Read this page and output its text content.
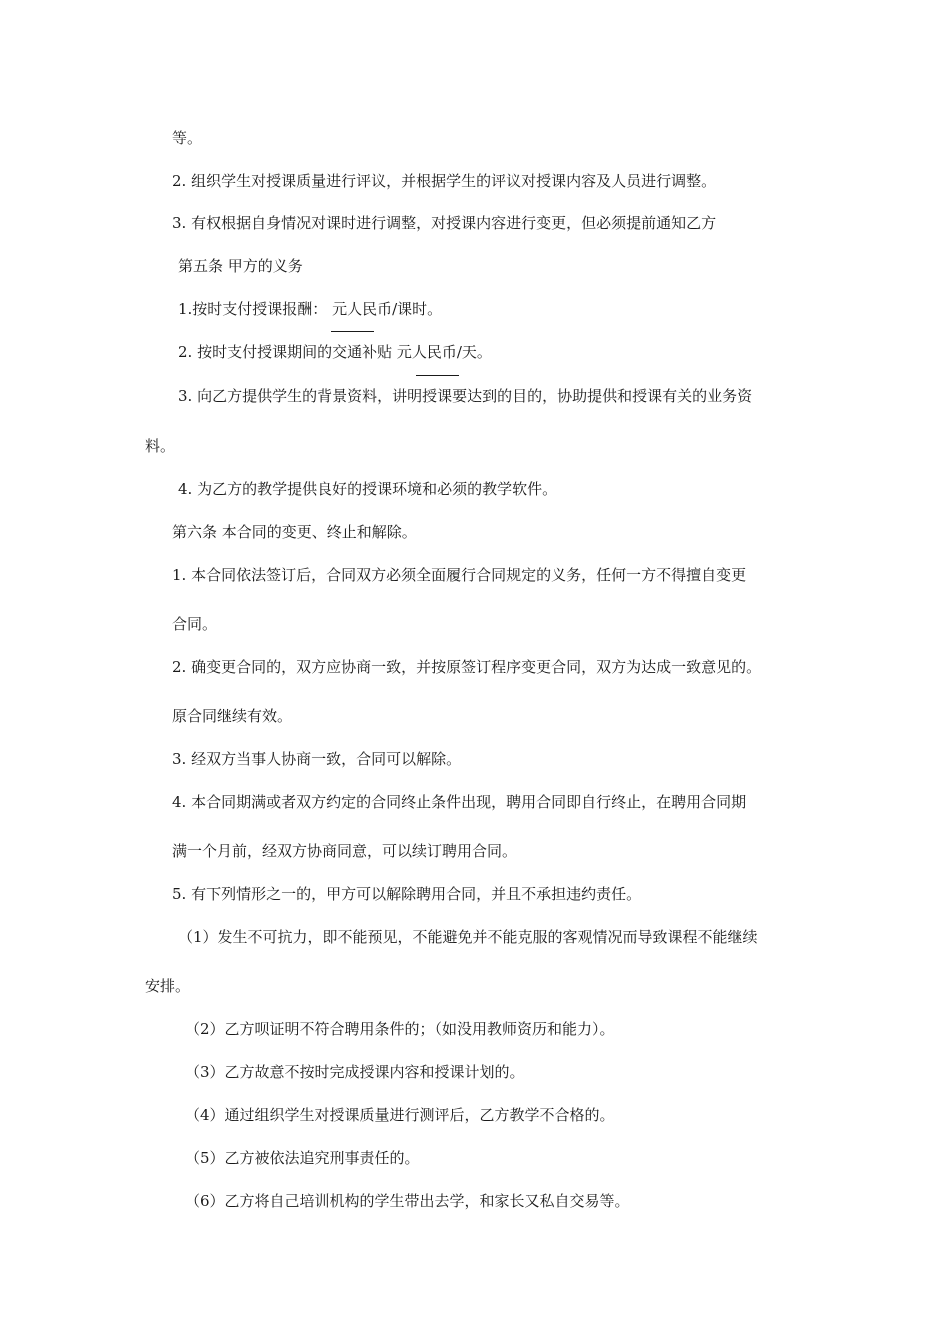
等。
2. 组织学生对授课质量进行评议，并根据学生的评议对授课内容及人员进行调整。
3. 有权根据自身情况对课时进行调整，对授课内容进行变更，但必须提前通知乙方
第五条 甲方的义务
1.按时支付授课报酬： 元人民币/课时。
2. 按时支付授课期间的交通补贴 元人民币/天。
3. 向乙方提供学生的背景资料，讲明授课要达到的目的，协助提供和授课有关的业务资
料。
4. 为乙方的教学提供良好的授课环境和必须的教学软件。
第六条 本合同的变更、终止和解除。
1. 本合同依法签订后，合同双方必须全面履行合同规定的义务，任何一方不得擅自变更
合同。
2. 确变更合同的，双方应协商一致，并按原签订程序变更合同，双方为达成一致意见的。
原合同继续有效。
3. 经双方当事人协商一致，合同可以解除。
4. 本合同期满或者双方约定的合同终止条件出现，聘用合同即自行终止，在聘用合同期
满一个月前，经双方协商同意，可以续订聘用合同。
5. 有下列情形之一的，甲方可以解除聘用合同，并且不承担违约责任。
（1）发生不可抗力，即不能预见，不能避免并不能克服的客观情况而导致课程不能继续
安排。
（2）乙方呗证明不符合聘用条件的；（如没用教师资历和能力）。
（3）乙方故意不按时完成授课内容和授课计划的。
（4）通过组织学生对授课质量进行测评后，乙方教学不合格的。
（5）乙方被依法追究刑事责任的。
（6）乙方将自己培训机构的学生带出去学，和家长又私自交易等。
